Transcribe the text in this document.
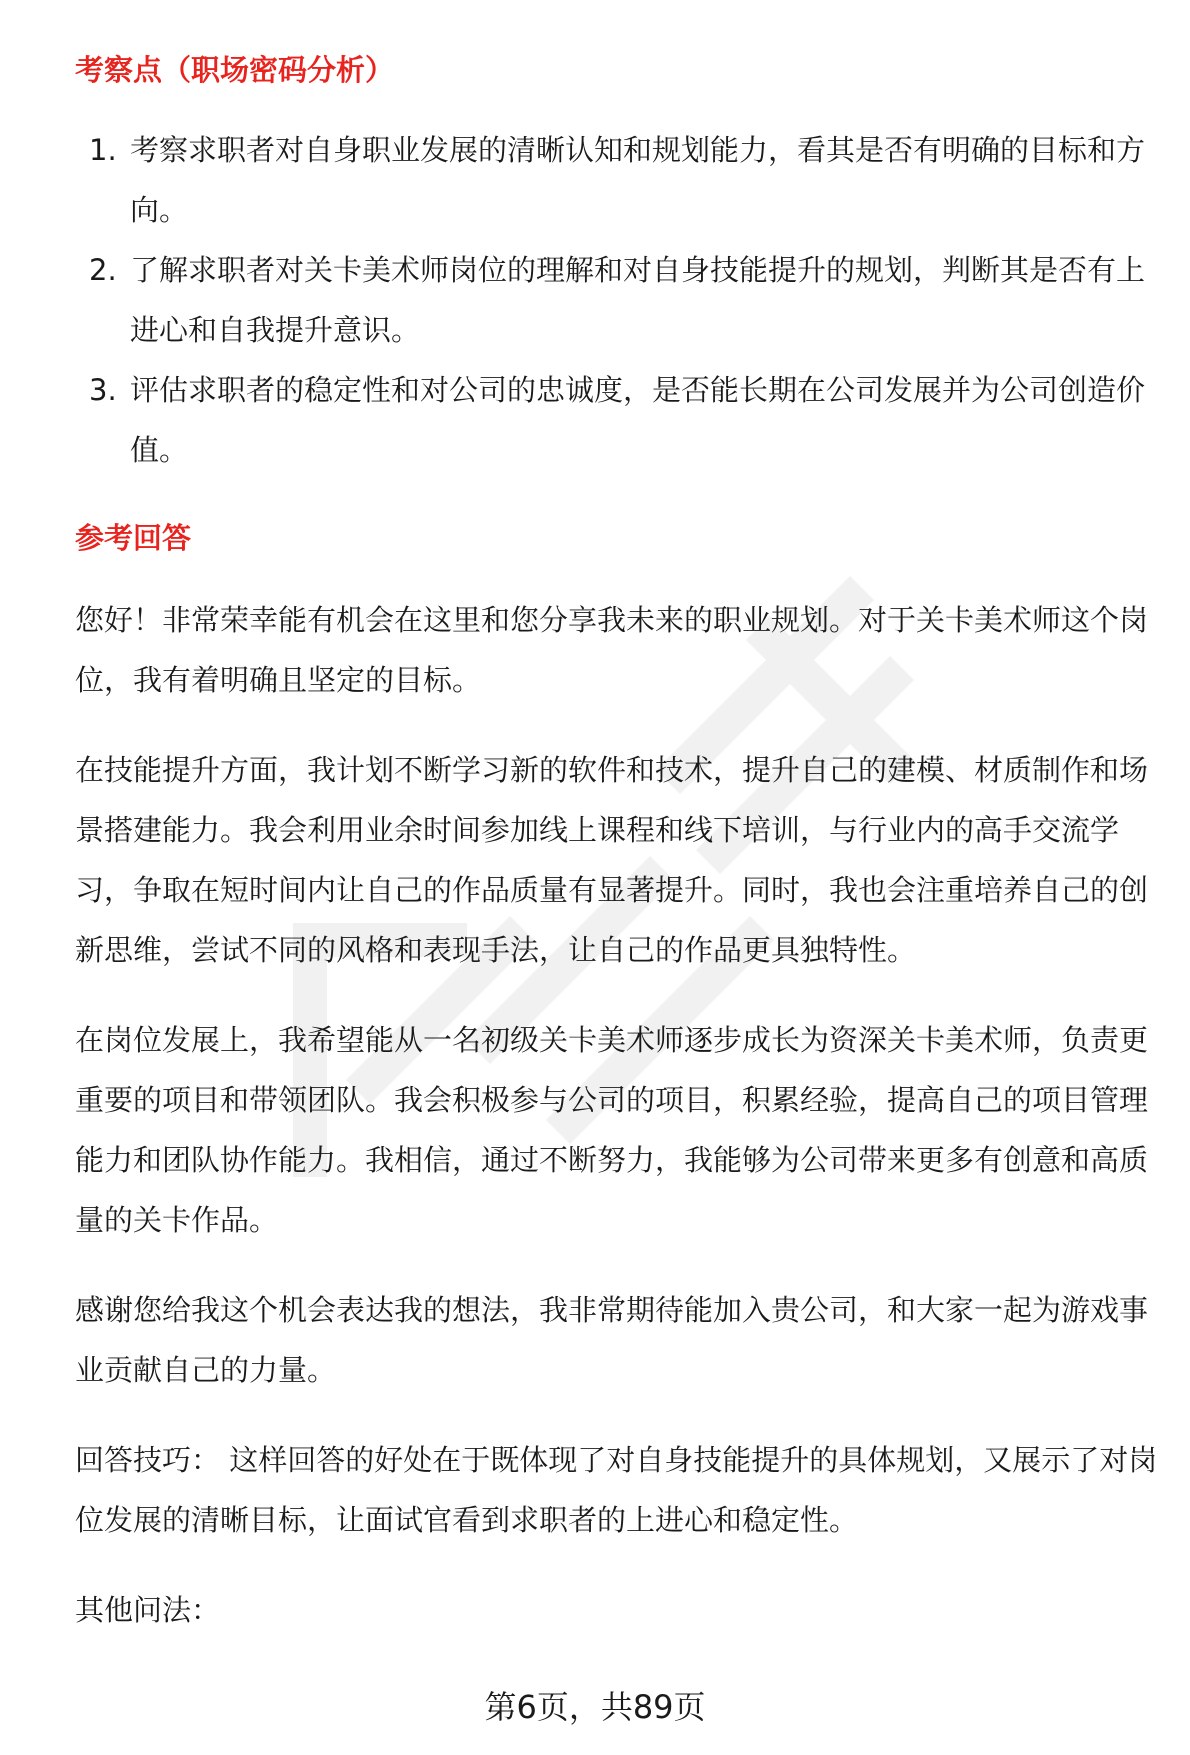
考察点（职场密码分析）
1. 考察求职者对自身职业发展的清晰认知和规划能力，看其是否有明确的目标和方向。
2. 了解求职者对关卡美术师岗位的理解和对自身技能提升的规划，判断其是否有上进心和自我提升意识。
3. 评估求职者的稳定性和对公司的忠诚度，是否能长期在公司发展并为公司创造价值。
参考回答

您好！非常荣幸能有机会在这里和您分享我未来的职业规划。对于关卡美术师这个岗位，我有着明确且坚定的目标。

在技能提升方面，我计划不断学习新的软件和技术，提升自己的建模、材质制作和场景搭建能力。我会利用业余时间参加线上课程和线下培训，与行业内的高手交流学习，争取在短时间内让自己的作品质量有显著提升。同时，我也会注重培养自己的创新思维，尝试不同的风格和表现手法，让自己的作品更具独特性。

在岗位发展上，我希望能从一名初级关卡美术师逐步成长为资深关卡美术师，负责更重要的项目和带领团队。我会积极参与公司的项目，积累经验，提高自己的项目管理能力和团队协作能力。我相信，通过不断努力，我能够为公司带来更多有创意和高质量的关卡作品。

感谢您给我这个机会表达我的想法，我非常期待能加入贵公司，和大家一起为游戏事业贡献自己的力量。

回答技巧： 这样回答的好处在于既体现了对自身技能提升的具体规划，又展示了对岗位发展的清晰目标，让面试官看到求职者的上进心和稳定性。

其他问法：

第6页，共89页
